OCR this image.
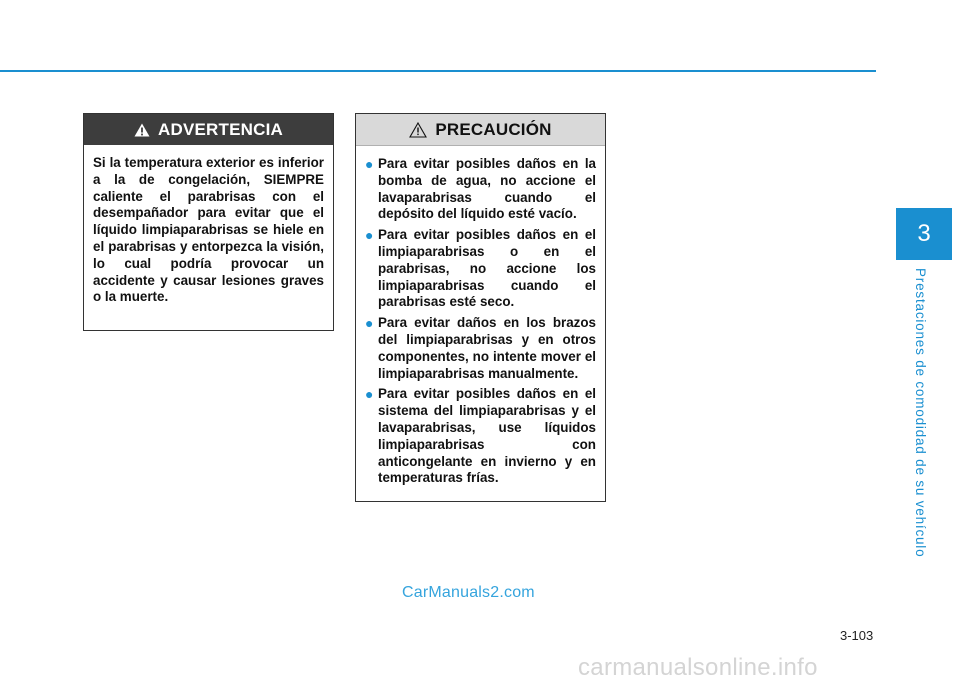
3
Prestaciones de comodidad de su vehículo
ADVERTENCIA
Si la temperatura exterior es inferior a la de congelación, SIEMPRE caliente el parabrisas con el desempañador para evitar que el líquido limpiaparabrisas se hiele en el parabrisas y entorpezca la visión, lo cual podría provocar un accidente y causar lesiones graves o la muerte.
PRECAUCIÓN
● Para evitar posibles daños en la bomba de agua, no accione el lavaparabrisas cuando el depósito del líquido esté vacío.
● Para evitar posibles daños en el limpiaparabrisas o en el parabrisas, no accione los limpiaparabrisas cuando el parabrisas esté seco.
● Para evitar daños en los brazos del limpiaparabrisas y en otros componentes, no intente mover el limpiaparabrisas manualmente.
● Para evitar posibles daños en el sistema del limpiaparabrisas y el lavaparabrisas, use líquidos limpiaparabrisas con anticongelante en invierno y en temperaturas frías.
CarManuals2.com
3-103
carmanualsonline.info
